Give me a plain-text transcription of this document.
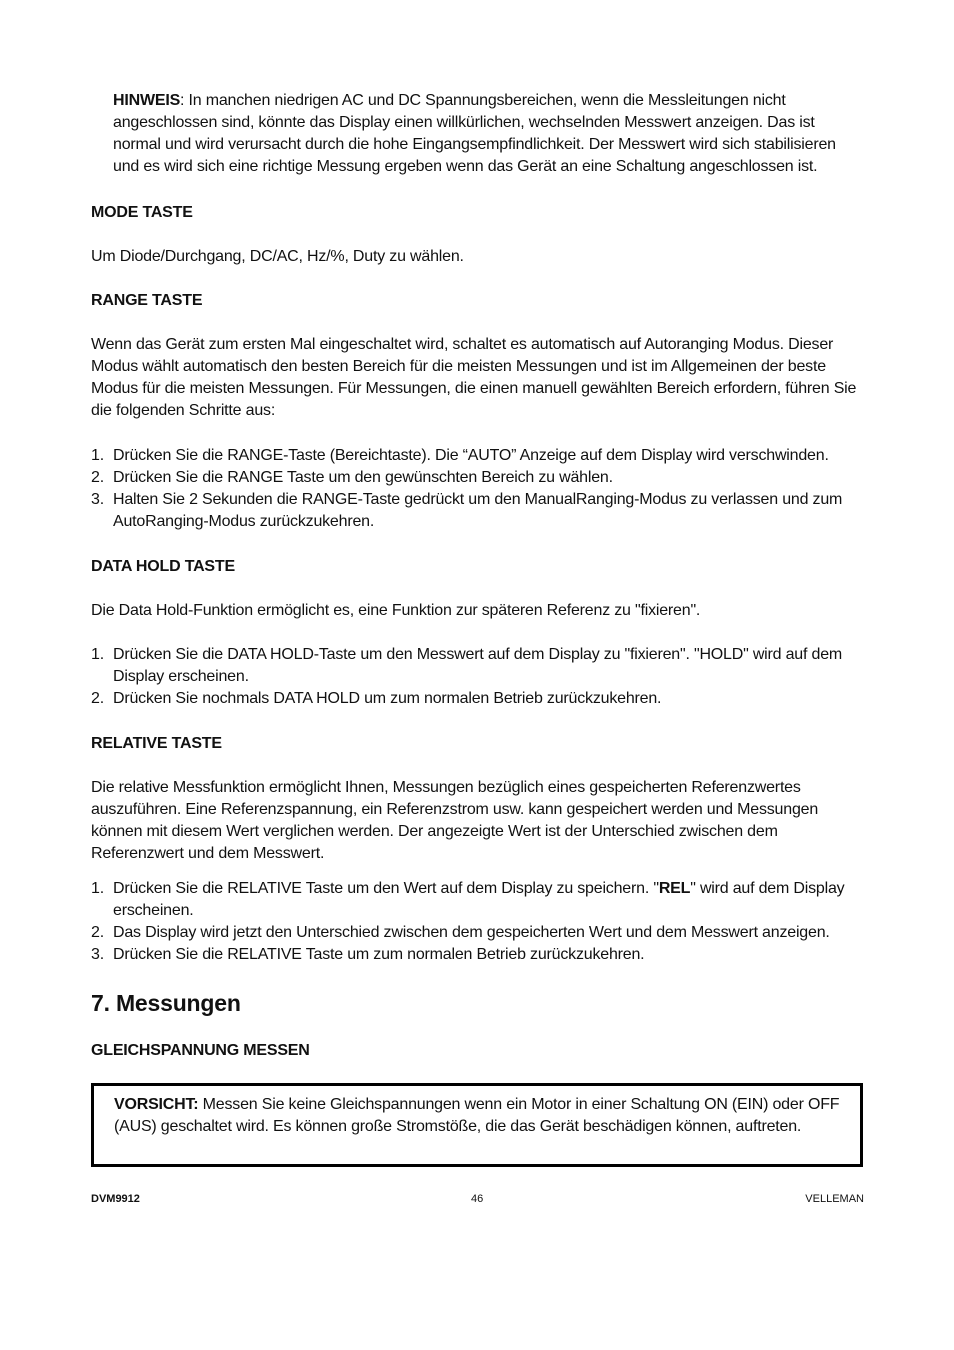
HINWEIS: In manchen niedrigen AC und DC Spannungsbereichen, wenn die Messleitungen nicht angeschlossen sind, könnte das Display einen willkürlichen, wechselnden Messwert anzeigen. Das ist normal und wird verursacht durch die hohe Eingangsempfindlichkeit. Der Messwert wird sich stabilisieren und es wird sich eine richtige Messung ergeben wenn das Gerät an eine Schaltung angeschlossen ist.
MODE TASTE
Um Diode/Durchgang, DC/AC, Hz/%, Duty zu wählen.
RANGE TASTE
Wenn das Gerät zum ersten Mal eingeschaltet wird, schaltet es automatisch auf Autoranging Modus. Dieser Modus wählt automatisch den besten Bereich für die meisten Messungen und ist im Allgemeinen der beste Modus für die meisten Messungen. Für Messungen, die einen manuell gewählten Bereich erfordern, führen Sie die folgenden Schritte aus:
1. Drücken Sie die RANGE-Taste (Bereichtaste). Die “AUTO” Anzeige auf dem Display wird verschwinden.
2. Drücken Sie die RANGE Taste um den gewünschten Bereich zu wählen.
3. Halten Sie 2 Sekunden die RANGE-Taste gedrückt um den ManualRanging-Modus zu verlassen und zum AutoRanging-Modus zurückzukehren.
DATA HOLD TASTE
Die Data Hold-Funktion ermöglicht es, eine Funktion zur späteren Referenz zu "fixieren".
1. Drücken Sie die DATA HOLD-Taste um den Messwert auf dem Display zu "fixieren". "HOLD" wird auf dem Display erscheinen.
2. Drücken Sie nochmals DATA HOLD um zum normalen Betrieb zurückzukehren.
RELATIVE TASTE
Die relative Messfunktion ermöglicht Ihnen, Messungen bezüglich eines gespeicherten Referenzwertes auszuführen. Eine Referenzspannung, ein Referenzstrom usw. kann gespeichert werden und Messungen können mit diesem Wert verglichen werden. Der angezeigte Wert ist der Unterschied zwischen dem Referenzwert und dem Messwert.
1. Drücken Sie die RELATIVE Taste um den Wert auf dem Display zu speichern. "REL" wird auf dem Display erscheinen.
2. Das Display wird jetzt den Unterschied zwischen dem gespeicherten Wert und dem Messwert anzeigen.
3. Drücken Sie die RELATIVE Taste um zum normalen Betrieb zurückzukehren.
7. Messungen
GLEICHSPANNUNG MESSEN
VORSICHT: Messen Sie keine Gleichspannungen wenn ein Motor in einer Schaltung ON (EIN) oder OFF (AUS) geschaltet wird. Es können große Stromstöße, die das Gerät beschädigen können, auftreten.
DVM9912	46	VELLEMAN
